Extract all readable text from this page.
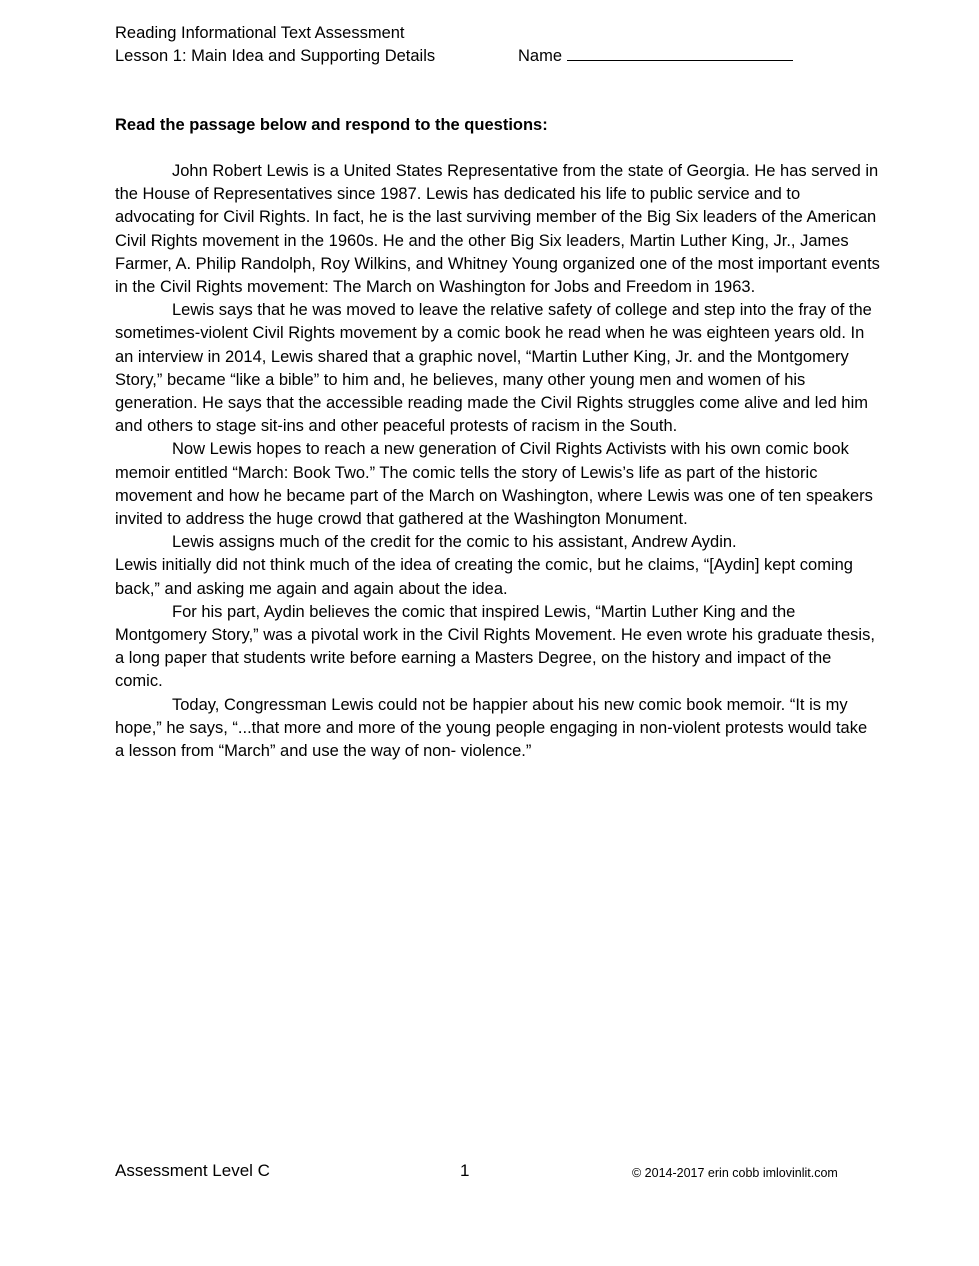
Reading Informational Text Assessment
Lesson 1: Main Idea and Supporting Details	Name
Read the passage below and respond to the questions:

John Robert Lewis is a United States Representative from the state of Georgia. He has served in the House of Representatives since 1987. Lewis has dedicated his life to public service and to advocating for Civil Rights. In fact, he is the last surviving member of the Big Six leaders of the American Civil Rights movement in the 1960s. He and the other Big Six leaders, Martin Luther King, Jr., James Farmer, A. Philip Randolph, Roy Wilkins, and Whitney Young organized one of the most important events in the Civil Rights movement: The March on Washington for Jobs and Freedom in 1963.

Lewis says that he was moved to leave the relative safety of college and step into the fray of the sometimes-violent Civil Rights movement by a comic book he read when he was eighteen years old. In an interview in 2014, Lewis shared that a graphic novel, “Martin Luther King, Jr. and the Montgomery Story,” became “like a bible” to him and, he believes, many other young men and women of his generation. He says that the accessible reading made the Civil Rights struggles come alive and led him and others to stage sit-ins and other peaceful protests of racism in the South.

Now Lewis hopes to reach a new generation of Civil Rights Activists with his own comic book memoir entitled “March: Book Two.” The comic tells the story of Lewis’s life as part of the historic movement and how he became part of the March on Washington, where Lewis was one of ten speakers invited to address the huge crowd that gathered at the Washington Monument.

Lewis assigns much of the credit for the comic to his assistant, Andrew Aydin.

Lewis initially did not think much of the idea of creating the comic, but he claims, “[Aydin] kept coming back,” and asking me again and again about the idea.

For his part, Aydin believes the comic that inspired Lewis, “Martin Luther King and the Montgomery Story,” was a pivotal work in the Civil Rights Movement. He even wrote his graduate thesis, a long paper that students write before earning a Masters Degree, on the history and impact of the comic.

Today, Congressman Lewis could not be happier about his new comic book memoir. “It is my hope,” he says, “...that more and more of the young people engaging in non-violent protests would take a lesson from “March” and use the way of non- violence.”

Assessment Level C	1	© 2014-2017 erin cobb imlovinlit.com
